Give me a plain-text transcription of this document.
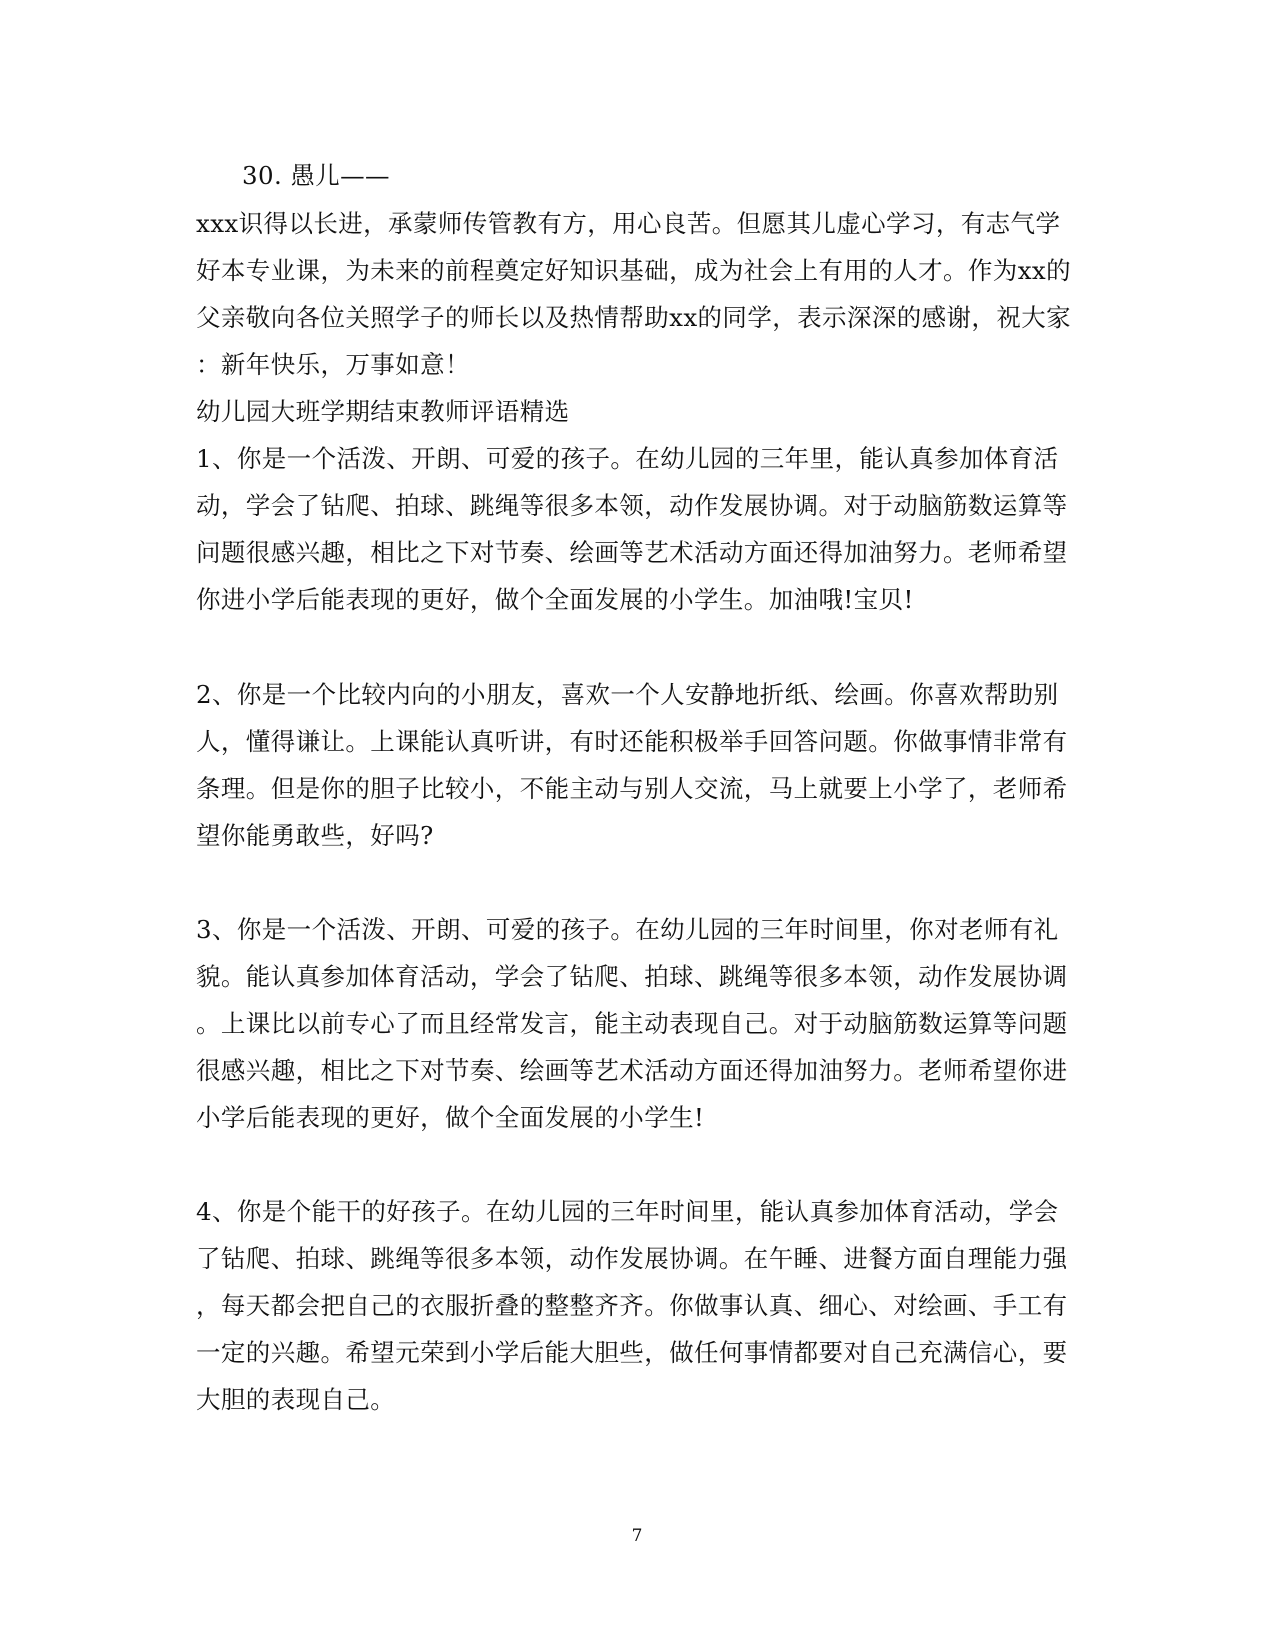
30. 愚儿——
xxx识得以长进，承蒙师传管教有方，用心良苦。但愿其儿虚心学习，有志气学
好本专业课，为未来的前程奠定好知识基础，成为社会上有用的人才。作为xx的
父亲敬向各位关照学子的师长以及热情帮助xx的同学，表示深深的感谢，祝大家
：新年快乐，万事如意！
幼儿园大班学期结束教师评语精选
1、你是一个活泼、开朗、可爱的孩子。在幼儿园的三年里，能认真参加体育活
动，学会了钻爬、拍球、跳绳等很多本领，动作发展协调。对于动脑筋数运算等
问题很感兴趣，相比之下对节奏、绘画等艺术活动方面还得加油努力。老师希望
你进小学后能表现的更好，做个全面发展的小学生。加油哦!宝贝!
2、你是一个比较内向的小朋友，喜欢一个人安静地折纸、绘画。你喜欢帮助别
人，懂得谦让。上课能认真听讲，有时还能积极举手回答问题。你做事情非常有
条理。但是你的胆子比较小，不能主动与别人交流，马上就要上小学了，老师希
望你能勇敢些，好吗?
3、你是一个活泼、开朗、可爱的孩子。在幼儿园的三年时间里，你对老师有礼
貌。能认真参加体育活动，学会了钻爬、拍球、跳绳等很多本领，动作发展协调
。上课比以前专心了而且经常发言，能主动表现自己。对于动脑筋数运算等问题
很感兴趣，相比之下对节奏、绘画等艺术活动方面还得加油努力。老师希望你进
小学后能表现的更好，做个全面发展的小学生!
4、你是个能干的好孩子。在幼儿园的三年时间里，能认真参加体育活动，学会
了钻爬、拍球、跳绳等很多本领，动作发展协调。在午睡、进餐方面自理能力强
，每天都会把自己的衣服折叠的整整齐齐。你做事认真、细心、对绘画、手工有
一定的兴趣。希望元荣到小学后能大胆些，做任何事情都要对自己充满信心，要
大胆的表现自己。
7
